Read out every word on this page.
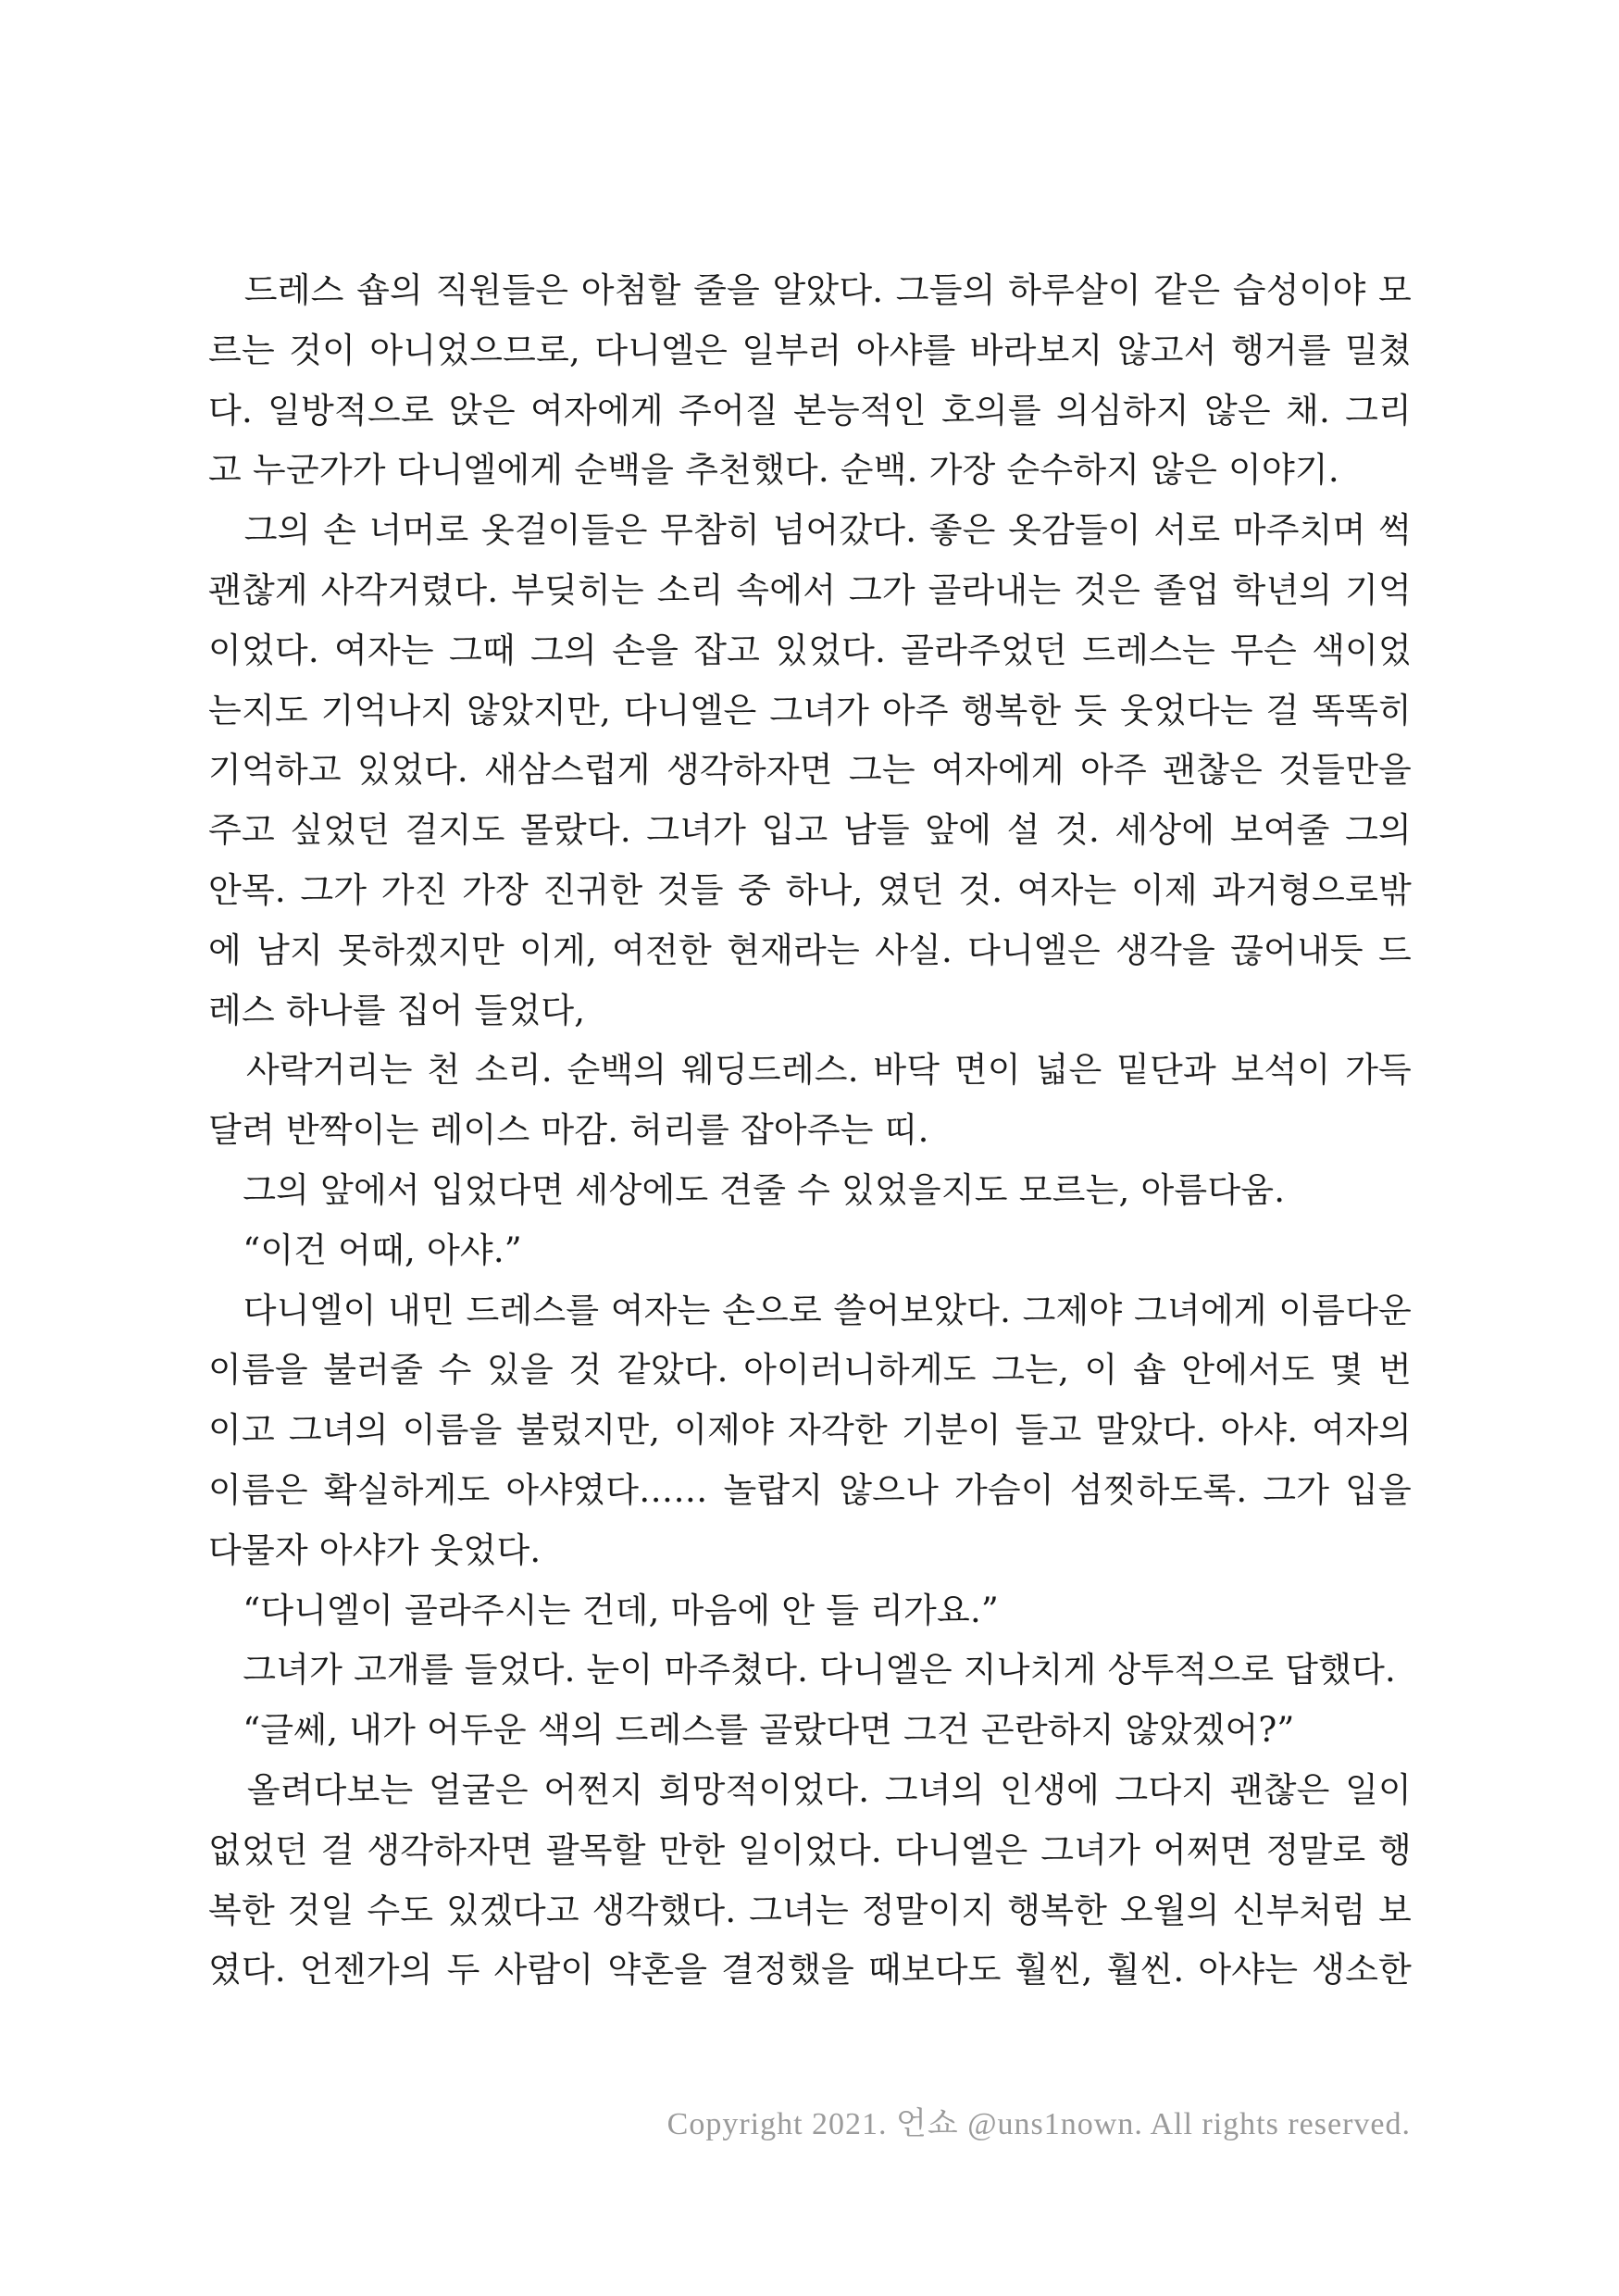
　드레스 숍의 직원들은 아첨할 줄을 알았다. 그들의 하루살이 같은 습성이야 모
르는 것이 아니었으므로, 다니엘은 일부러 아샤를 바라보지 않고서 행거를 밀쳤
다. 일방적으로 앉은 여자에게 주어질 본능적인 호의를 의심하지 않은 채. 그리
고 누군가가 다니엘에게 순백을 추천했다. 순백. 가장 순수하지 않은 이야기.
　그의 손 너머로 옷걸이들은 무참히 넘어갔다. 좋은 옷감들이 서로 마주치며 썩
괜찮게 사각거렸다. 부딪히는 소리 속에서 그가 골라내는 것은 졸업 학년의 기억
이었다. 여자는 그때 그의 손을 잡고 있었다. 골라주었던 드레스는 무슨 색이었
는지도 기억나지 않았지만, 다니엘은 그녀가 아주 행복한 듯 웃었다는 걸 똑똑히
기억하고 있었다. 새삼스럽게 생각하자면 그는 여자에게 아주 괜찮은 것들만을
주고 싶었던 걸지도 몰랐다. 그녀가 입고 남들 앞에 설 것. 세상에 보여줄 그의
안목. 그가 가진 가장 진귀한 것들 중 하나, 였던 것. 여자는 이제 과거형으로밖
에 남지 못하겠지만 이게, 여전한 현재라는 사실. 다니엘은 생각을 끊어내듯 드
레스 하나를 집어 들었다,
　사락거리는 천 소리. 순백의 웨딩드레스. 바닥 면이 넓은 밑단과 보석이 가득
달려 반짝이는 레이스 마감. 허리를 잡아주는 띠.
　그의 앞에서 입었다면 세상에도 견줄 수 있었을지도 모르는, 아름다움.
　“이건 어때, 아샤.”
　다니엘이 내민 드레스를 여자는 손으로 쓸어보았다. 그제야 그녀에게 이름다운
이름을 불러줄 수 있을 것 같았다. 아이러니하게도 그는, 이 숍 안에서도 몇 번
이고 그녀의 이름을 불렀지만, 이제야 자각한 기분이 들고 말았다. 아샤. 여자의
이름은 확실하게도 아샤였다…… 놀랍지 않으나 가슴이 섬찟하도록. 그가 입을
다물자 아샤가 웃었다.
　“다니엘이 골라주시는 건데, 마음에 안 들 리가요.”
　그녀가 고개를 들었다. 눈이 마주쳤다. 다니엘은 지나치게 상투적으로 답했다.
　“글쎄, 내가 어두운 색의 드레스를 골랐다면 그건 곤란하지 않았겠어?”
　올려다보는 얼굴은 어쩐지 희망적이었다. 그녀의 인생에 그다지 괜찮은 일이
없었던 걸 생각하자면 괄목할 만한 일이었다. 다니엘은 그녀가 어쩌면 정말로 행
복한 것일 수도 있겠다고 생각했다. 그녀는 정말이지 행복한 오월의 신부처럼 보
였다. 언젠가의 두 사람이 약혼을 결정했을 때보다도 훨씬, 훨씬. 아샤는 생소한
Copyright 2021. 언쇼 @uns1nown. All rights reserved.
